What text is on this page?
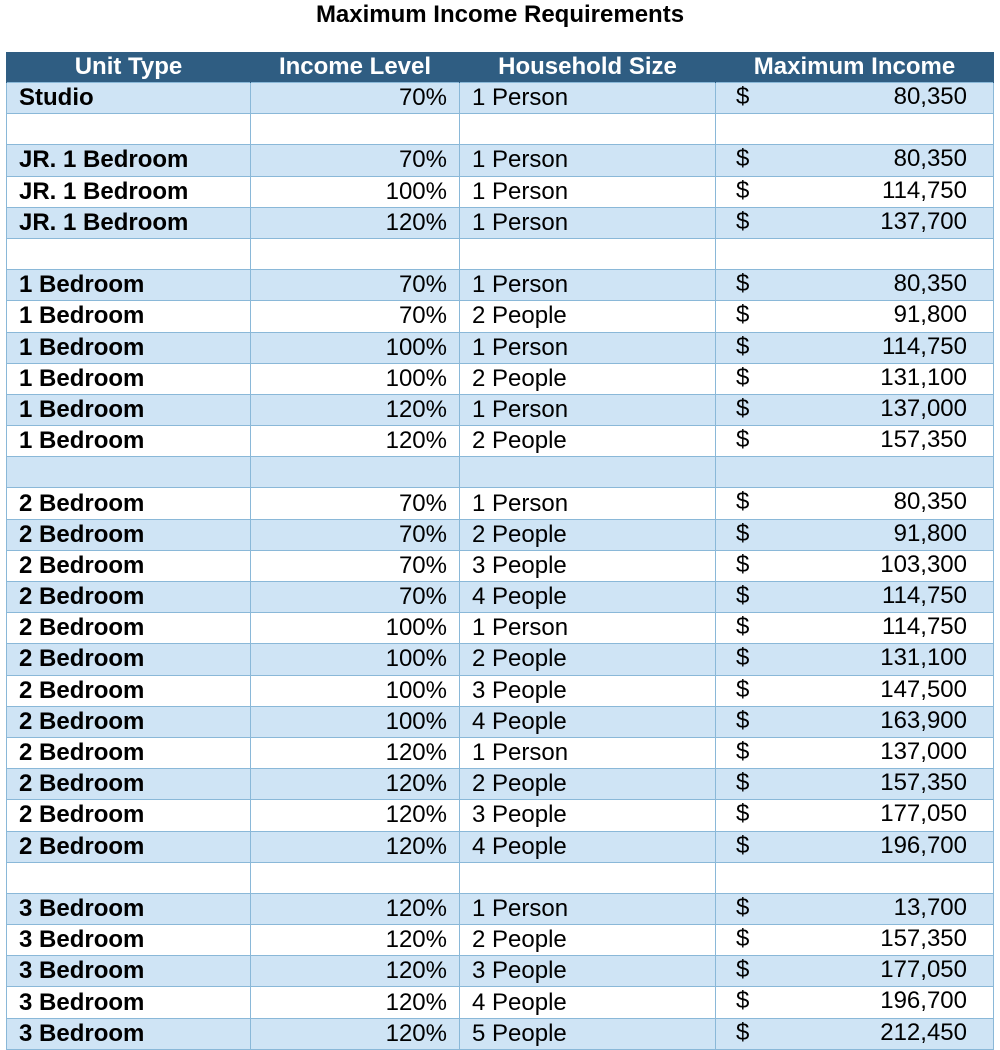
Maximum Income Requirements
Unit Type	Income Level	Household Size	Maximum Income
Studio	70%	1 Person	$ 80,350

JR. 1 Bedroom	70%	1 Person	$ 80,350

JR. 1 Bedroom	100%	1 Person	$ 114,750

JR. 1 Bedroom	120%	1 Person	$ 137,700

1 Bedroom	70%	1 Person	$ 80,350

1 Bedroom	70%	2 People	$ 91,800

1 Bedroom	100%	1 Person	$ 114,750

1 Bedroom	100%	2 People	$ 131,100

1 Bedroom	120%	1 Person	$ 137,000

1 Bedroom	120%	2 People	$ 157,350

2 Bedroom	70%	1 Person	$ 80,350

2 Bedroom	70%	2 People	$ 91,800

2 Bedroom	70%	3 People	$ 103,300

2 Bedroom	70%	4 People	$ 114,750

2 Bedroom	100%	1 Person	$ 114,750

2 Bedroom	100%	2 People	$ 131,100

2 Bedroom	100%	3 People	$ 147,500

2 Bedroom	100%	4 People	$ 163,900

2 Bedroom	120%	1 Person	$ 137,000

2 Bedroom	120%	2 People	$ 157,350

2 Bedroom	120%	3 People	$ 177,050

2 Bedroom	120%	4 People	$ 196,700

3 Bedroom	120%	1 Person	$ 13,700

3 Bedroom	120%	2 People	$ 157,350

3 Bedroom	120%	3 People	$ 177,050

3 Bedroom	120%	4 People	$ 196,700

3 Bedroom	120%	5 People	$ 212,450
